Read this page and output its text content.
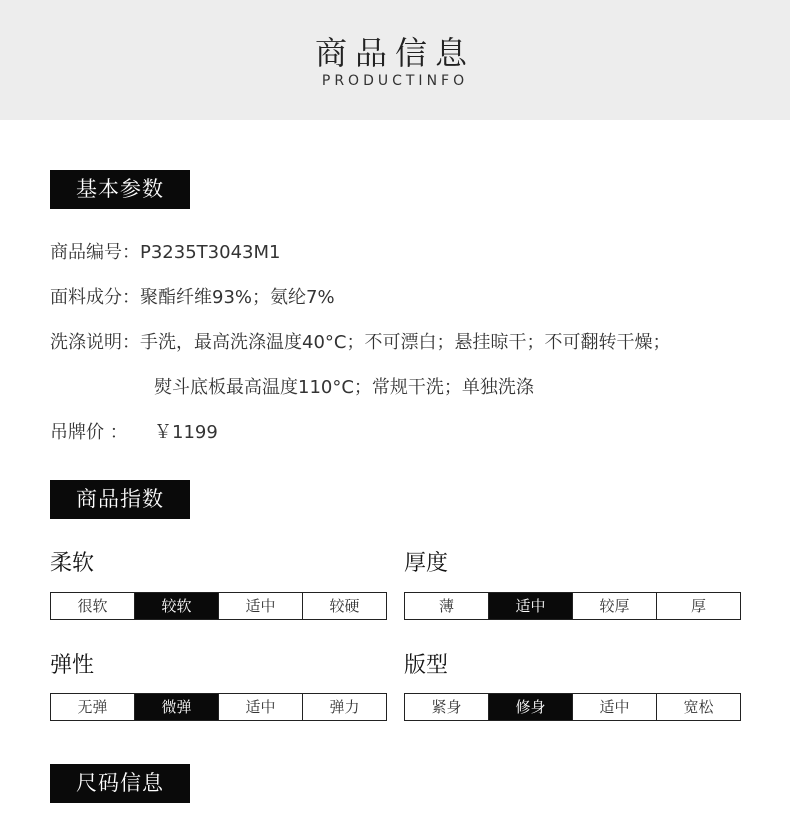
商品信息
PRODUCTINFO
基本参数
商品编号：P3235T3043M1
面料成分：聚酯纤维93%；氨纶7%
洗涤说明：手洗，最高洗涤温度40°C；不可漂白；悬挂晾干；不可翻转干燥；
熨斗底板最高温度110°C；常规干洗；单独洗涤
吊牌价 ： ￥1199
商品指数
柔软
很软	较软	适中	较硬
厚度
薄	适中	较厚	厚
弹性
无弹	微弹	适中	弹力
版型
紧身	修身	适中	宽松
尺码信息
